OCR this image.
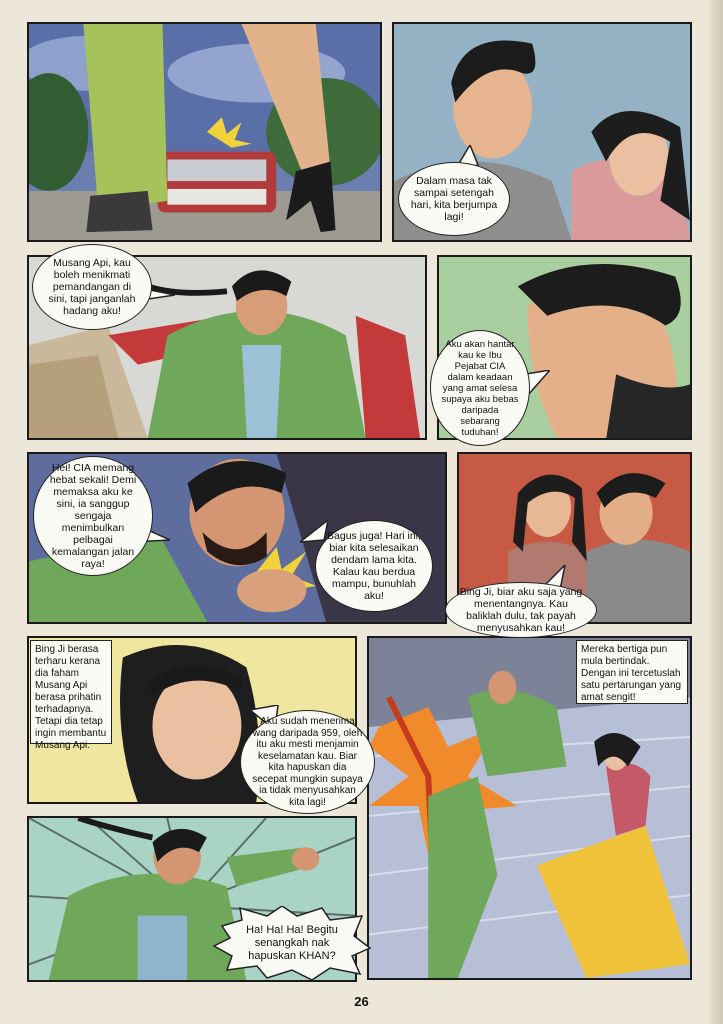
Dalam masa tak sampai setengah hari, kita berjumpa lagi!
Musang Api, kau boleh menikmati pemandangan di sini, tapi janganlah hadang aku!
Aku akan hantar kau ke Ibu Pejabat CIA dalam keadaan yang amat selesa supaya aku bebas daripada sebarang tuduhan!
Hei! CIA memang hebat sekali! Demi memaksa aku ke sini, ia sanggup sengaja menimbulkan pelbagai kemalangan jalan raya!
Bagus juga! Hari ini, biar kita selesaikan dendam lama kita. Kalau kau berdua mampu, bunuhlah aku!	Bing Ji, biar aku saja yang menentangnya. Kau baliklah dulu, tak payah menyusahkan kau!
Bing Ji berasa terharu kerana dia faham Musang Api berasa prihatin terhadapnya. Tetapi dia tetap ingin membantu Musang Api.
Aku sudah menerima wang daripada 959, oleh itu aku mesti menjamin keselamatan kau. Biar kita hapuskan dia secepat mungkin supaya ia tidak menyusahkan kita lagi!
Mereka bertiga pun mula bertindak. Dengan ini tercetuslah satu pertarungan yang amat sengit!
Ha! Ha! Ha! Begitu senangkah nak hapuskan KHAN?
26
